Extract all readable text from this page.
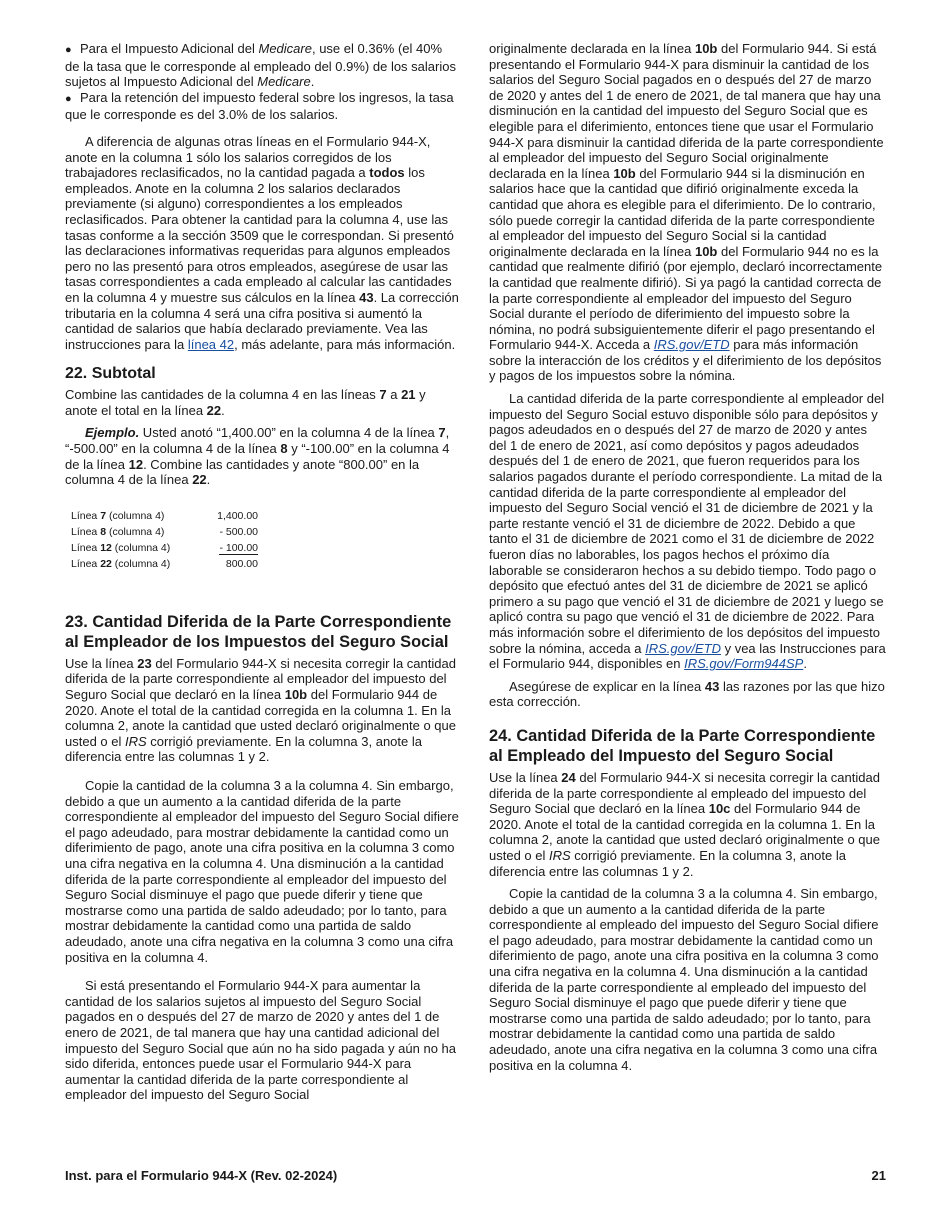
● Para el Impuesto Adicional del Medicare, use el 0.36% (el 40% de la tasa que le corresponde al empleado del 0.9%) de los salarios sujetos al Impuesto Adicional del Medicare.

● Para la retención del impuesto federal sobre los ingresos, la tasa que le corresponde es del 3.0% de los salarios.

A diferencia de algunas otras líneas en el Formulario 944-X, anote en la columna 1 sólo los salarios corregidos de los trabajadores reclasificados, no la cantidad pagada a todos los empleados. Anote en la columna 2 los salarios declarados previamente (si alguno) correspondientes a los empleados reclasificados. Para obtener la cantidad para la columna 4, use las tasas conforme a la sección 3509 que le correspondan. Si presentó las declaraciones informativas requeridas para algunos empleados pero no las presentó para otros empleados, asegúrese de usar las tasas correspondientes a cada empleado al calcular las cantidades en la columna 4 y muestre sus cálculos en la línea 43. La corrección tributaria en la columna 4 será una cifra positiva si aumentó la cantidad de salarios que había declarado previamente. Vea las instrucciones para la línea 42, más adelante, para más información.

22. Subtotal

Combine las cantidades de la columna 4 en las líneas 7 a 21 y anote el total en la línea 22.

Ejemplo. Usted anotó “1,400.00” en la columna 4 de la línea 7, “-500.00” en la columna 4 de la línea 8 y “-100.00” en la columna 4 de la línea 12. Combine las cantidades y anote “800.00” en la columna 4 de la línea 22.

Línea 7 (columna 4)	1,400.00
Línea 8 (columna 4)	- 500.00
Línea 12 (columna 4)	- 100.00
Línea 22 (columna 4)	800.00
23. Cantidad Diferida de la Parte Correspondiente al Empleador de los Impuestos del Seguro Social

Use la línea 23 del Formulario 944-X si necesita corregir la cantidad diferida de la parte correspondiente al empleador del impuesto del Seguro Social que declaró en la línea 10b del Formulario 944 de 2020. Anote el total de la cantidad corregida en la columna 1. En la columna 2, anote la cantidad que usted declaró originalmente o que usted o el IRS corrigió previamente. En la columna 3, anote la diferencia entre las columnas 1 y 2.

Copie la cantidad de la columna 3 a la columna 4. Sin embargo, debido a que un aumento a la cantidad diferida de la parte correspondiente al empleador del impuesto del Seguro Social difiere el pago adeudado, para mostrar debidamente la cantidad como un diferimiento de pago, anote una cifra positiva en la columna 3 como una cifra negativa en la columna 4. Una disminución a la cantidad diferida de la parte correspondiente al empleador del impuesto del Seguro Social disminuye el pago que puede diferir y tiene que mostrarse como una partida de saldo adeudado; por lo tanto, para mostrar debidamente la cantidad como una partida de saldo adeudado, anote una cifra negativa en la columna 3 como una cifra positiva en la columna 4.

Si está presentando el Formulario 944-X para aumentar la cantidad de los salarios sujetos al impuesto del Seguro Social pagados en o después del 27 de marzo de 2020 y antes del 1 de enero de 2021, de tal manera que hay una cantidad adicional del impuesto del Seguro Social que aún no ha sido pagada y aún no ha sido diferida, entonces puede usar el Formulario 944-X para aumentar la cantidad diferida de la parte correspondiente al empleador del impuesto del Seguro Social

originalmente declarada en la línea 10b del Formulario 944. Si está presentando el Formulario 944-X para disminuir la cantidad de los salarios del Seguro Social pagados en o después del 27 de marzo de 2020 y antes del 1 de enero de 2021, de tal manera que hay una disminución en la cantidad del impuesto del Seguro Social que es elegible para el diferimiento, entonces tiene que usar el Formulario 944-X para disminuir la cantidad diferida de la parte correspondiente al empleador del impuesto del Seguro Social originalmente declarada en la línea 10b del Formulario 944 si la disminución en salarios hace que la cantidad que difirió originalmente exceda la cantidad que ahora es elegible para el diferimiento. De lo contrario, sólo puede corregir la cantidad diferida de la parte correspondiente al empleador del impuesto del Seguro Social si la cantidad originalmente declarada en la línea 10b del Formulario 944 no es la cantidad que realmente difirió (por ejemplo, declaró incorrectamente la cantidad que realmente difirió). Si ya pagó la cantidad correcta de la parte correspondiente al empleador del impuesto del Seguro Social durante el período de diferimiento del impuesto sobre la nómina, no podrá subsiguientemente diferir el pago presentando el Formulario 944-X. Acceda a IRS.gov/ETD para más información sobre la interacción de los créditos y el diferimiento de los depósitos y pagos de los impuestos sobre la nómina.

La cantidad diferida de la parte correspondiente al empleador del impuesto del Seguro Social estuvo disponible sólo para depósitos y pagos adeudados en o después del 27 de marzo de 2020 y antes del 1 de enero de 2021, así como depósitos y pagos adeudados después del 1 de enero de 2021, que fueron requeridos para los salarios pagados durante el período correspondiente. La mitad de la cantidad diferida de la parte correspondiente al empleador del impuesto del Seguro Social venció el 31 de diciembre de 2021 y la parte restante venció el 31 de diciembre de 2022. Debido a que tanto el 31 de diciembre de 2021 como el 31 de diciembre de 2022 fueron días no laborables, los pagos hechos el próximo día laborable se consideraron hechos a su debido tiempo. Todo pago o depósito que efectuó antes del 31 de diciembre de 2021 se aplicó primero a su pago que venció el 31 de diciembre de 2021 y luego se aplicó contra su pago que venció el 31 de diciembre de 2022. Para más información sobre el diferimiento de los depósitos del impuesto sobre la nómina, acceda a IRS.gov/ETD y vea las Instrucciones para el Formulario 944, disponibles en IRS.gov/Form944SP.

Asegúrese de explicar en la línea 43 las razones por las que hizo esta corrección.

24. Cantidad Diferida de la Parte Correspondiente al Empleado del Impuesto del Seguro Social

Use la línea 24 del Formulario 944-X si necesita corregir la cantidad diferida de la parte correspondiente al empleado del impuesto del Seguro Social que declaró en la línea 10c del Formulario 944 de 2020. Anote el total de la cantidad corregida en la columna 1. En la columna 2, anote la cantidad que usted declaró originalmente o que usted o el IRS corrigió previamente. En la columna 3, anote la diferencia entre las columnas 1 y 2.

Copie la cantidad de la columna 3 a la columna 4. Sin embargo, debido a que un aumento a la cantidad diferida de la parte correspondiente al empleado del impuesto del Seguro Social difiere el pago adeudado, para mostrar debidamente la cantidad como un diferimiento de pago, anote una cifra positiva en la columna 3 como una cifra negativa en la columna 4. Una disminución a la cantidad diferida de la parte correspondiente al empleado del impuesto del Seguro Social disminuye el pago que puede diferir y tiene que mostrarse como una partida de saldo adeudado; por lo tanto, para mostrar debidamente la cantidad como una partida de saldo adeudado, anote una cifra negativa en la columna 3 como una cifra positiva en la columna 4.

Inst. para el Formulario 944-X (Rev. 02-2024)	21
